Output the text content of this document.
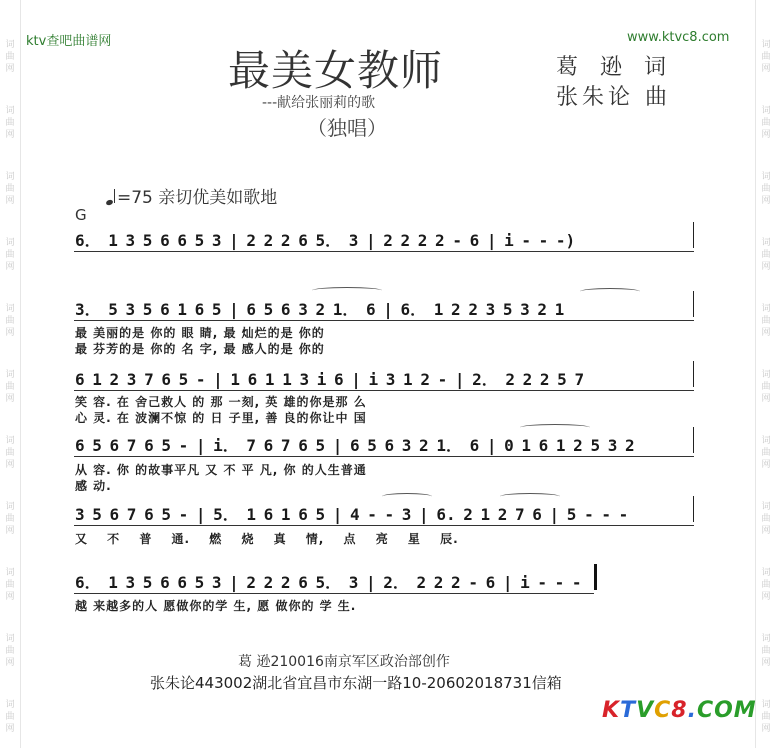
词
曲
网
词
曲
网
词
曲
网
词
曲
网
词
曲
网
词
曲
网
词
曲
网
词
曲
网
词
曲
网
词
曲
网
词
曲
网
词
曲
网
词
曲
网
词
曲
网
词
曲
网
词
曲
网
词
曲
网
词
曲
网
词
曲
网
词
曲
网
词
曲
网
词
曲
网
ktv查吧曲谱网	www.ktvc8.com
最美女教师
---献给张丽莉的歌
（独唱）
葛逊词
张朱论 曲
=75 亲切优美如歌地
G
6． 1 3 5 6 6 5 3 | 2 2 2 6 5． 3 | 2 2 2 2 - 6 | i - - -)
3． 5 3 5 6 1 6 5 | 6 5 6 3 2 1． 6 | 6． 1 2 2 3 5 3 2 1
最 美丽的是 你的 眼 睛, 最 灿烂的是 你的
最 芬芳的是 你的 名 字, 最 感人的是 你的
6 1 2 3 7 6 5 - | 1 6 1 1 3 i 6 | i 3 1 2 - | 2． 2 2 2 5 7
笑 容. 在 舍己救人 的 那 一刻, 英 雄的你是那 么
心 灵. 在 波澜不惊 的 日 子里, 善 良的你让中 国
6 5 6 7 6 5 - | i． 7 6 7 6 5 | 6 5 6 3 2 1． 6 | 0 1 6 1 2 5 3 2
从 容. 你 的故事平凡 又 不 平 凡, 你 的人生普通
感 动.
3 5 6 7 6 5 - | 5． 1 6 1 6 5 | 4 - - 3 | 6. 2 1 2 7 6 | 5 - - -
又 不 普 通. 燃 烧 真 情, 点 亮 星 辰.
6． 1 3 5 6 6 5 3 | 2 2 2 6 5． 3 | 2． 2 2 2 - 6 | i - - -
越 来越多的人 愿做你的学 生, 愿 做你的 学 生.
葛 逊210016南京军区政治部创作
张朱论443002湖北省宜昌市东湖一路10-20602018731信箱
KTVC8.COM
